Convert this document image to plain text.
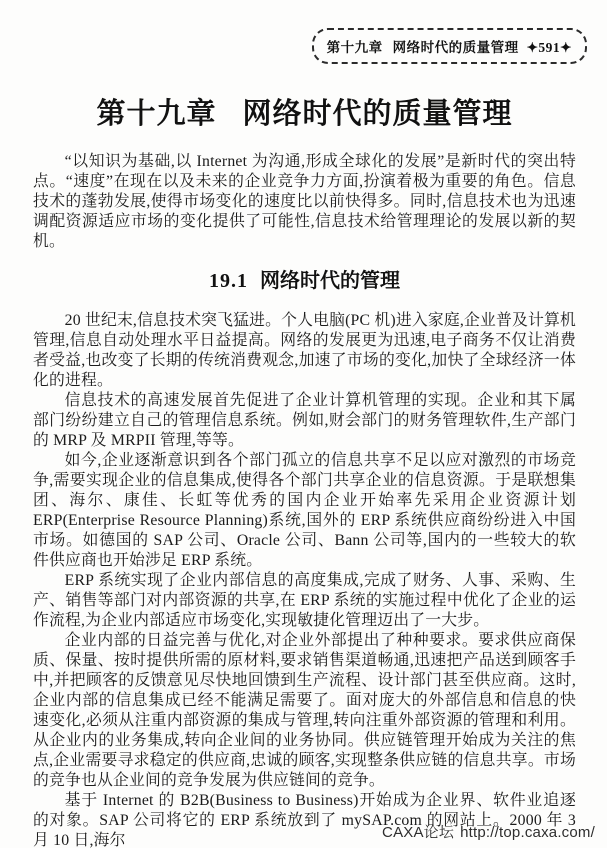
第十九章 网络时代的质量管理 ✦591✦
第十九章 网络时代的质量管理

“以知识为基础,以 Internet 为沟通,形成全球化的发展”是新时代的突出特点。“速度”在现在以及未来的企业竞争力方面,扮演着极为重要的角色。信息技术的蓬勃发展,使得市场变化的速度比以前快得多。同时,信息技术也为迅速调配资源适应市场的变化提供了可能性,信息技术给管理理论的发展以新的契机。

19.1 网络时代的管理

20 世纪末,信息技术突飞猛进。个人电脑(PC 机)进入家庭,企业普及计算机管理,信息自动处理水平日益提高。网络的发展更为迅速,电子商务不仅让消费者受益,也改变了长期的传统消费观念,加速了市场的变化,加快了全球经济一体化的进程。

信息技术的高速发展首先促进了企业计算机管理的实现。企业和其下属部门纷纷建立自己的管理信息系统。例如,财会部门的财务管理软件,生产部门的 MRP 及 MRPII 管理,等等。

如今,企业逐渐意识到各个部门孤立的信息共享不足以应对激烈的市场竞争,需要实现企业的信息集成,使得各个部门共享企业的信息资源。于是联想集团、海尔、康佳、长虹等优秀的国内企业开始率先采用企业资源计划 ERP(Enterprise Resource Planning)系统,国外的 ERP 系统供应商纷纷进入中国市场。如德国的 SAP 公司、Oracle 公司、Bann 公司等,国内的一些较大的软件供应商也开始涉足 ERP 系统。

ERP 系统实现了企业内部信息的高度集成,完成了财务、人事、采购、生产、销售等部门对内部资源的共享,在 ERP 系统的实施过程中优化了企业的运作流程,为企业内部适应市场变化,实现敏捷化管理迈出了一大步。

企业内部的日益完善与优化,对企业外部提出了种种要求。要求供应商保质、保量、按时提供所需的原材料,要求销售渠道畅通,迅速把产品送到顾客手中,并把顾客的反馈意见尽快地回馈到生产流程、设计部门甚至供应商。这时,企业内部的信息集成已经不能满足需要了。面对庞大的外部信息和信息的快速变化,必须从注重内部资源的集成与管理,转向注重外部资源的管理和利用。从企业内的业务集成,转向企业间的业务协同。供应链管理开始成为关注的焦点,企业需要寻求稳定的供应商,忠诚的顾客,实现整条供应链的信息共享。市场的竞争也从企业间的竞争发展为供应链间的竞争。

基于 Internet 的 B2B(Business to Business)开始成为企业界、软件业追逐的对象。SAP 公司将它的 ERP 系统放到了 mySAP.com 的网站上。2000 年 3 月 10 日,海尔	CAXA论坛 http://top.caxa.com/
